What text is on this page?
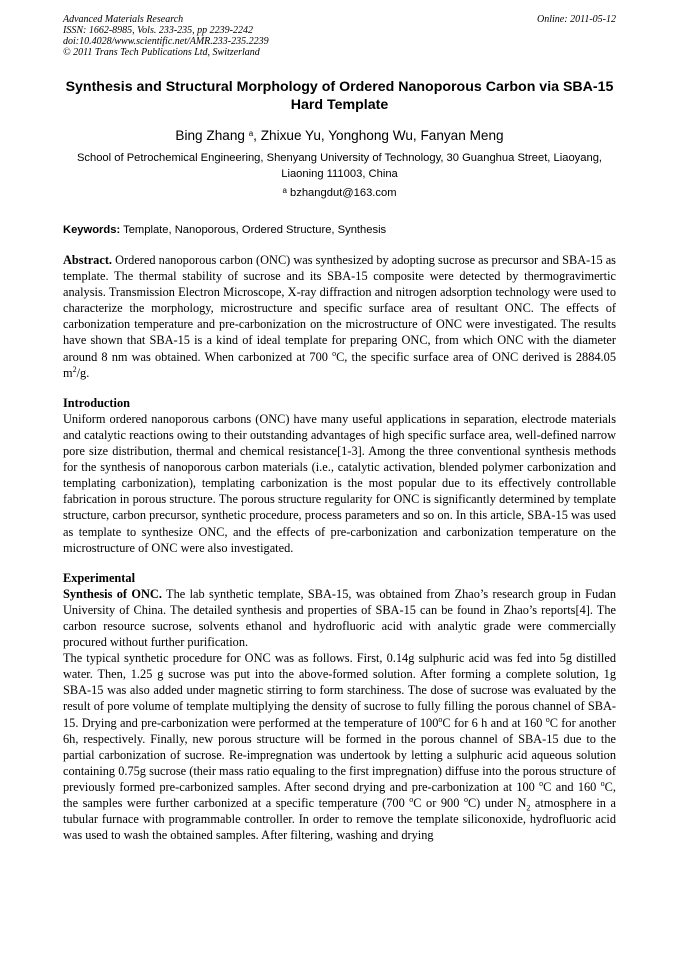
Advanced Materials Research
ISSN: 1662-8985, Vols. 233-235, pp 2239-2242
doi:10.4028/www.scientific.net/AMR.233-235.2239
© 2011 Trans Tech Publications Ltd, Switzerland
Online: 2011-05-12
Synthesis and Structural Morphology of Ordered Nanoporous Carbon via SBA-15 Hard Template
Bing Zhang $^a$, Zhixue Yu, Yonghong Wu, Fanyan Meng
School of Petrochemical Engineering, Shenyang University of Technology, 30 Guanghua Street, Liaoyang, Liaoning 111003, China
$^a$ bzhangdut@163.com
Keywords: Template, Nanoporous, Ordered Structure, Synthesis

Abstract. Ordered nanoporous carbon (ONC) was synthesized by adopting sucrose as precursor and SBA-15 as template. The thermal stability of sucrose and its SBA-15 composite were detected by thermogravimertic analysis. Transmission Electron Microscope, X-ray diffraction and nitrogen adsorption technology were used to characterize the morphology, microstructure and specific surface area of resultant ONC. The effects of carbonization temperature and pre-carbonization on the microstructure of ONC were investigated. The results have shown that SBA-15 is a kind of ideal template for preparing ONC, from which ONC with the diameter around 8 nm was obtained. When carbonized at 700 $^o$C, the specific surface area of ONC derived is 2884.05 $m^2/g$.

Introduction

Uniform ordered nanoporous carbons (ONC) have many useful applications in separation, electrode materials and catalytic reactions owing to their outstanding advantages of high specific surface area, well-defined narrow pore size distribution, thermal and chemical resistance[1-3]. Among the three conventional synthesis methods for the synthesis of nanoporous carbon materials (i.e., catalytic activation, blended polymer carbonization and templating carbonization), templating carbonization is the most popular due to its effectively controllable fabrication in porous structure. The porous structure regularity for ONC is significantly determined by template structure, carbon precursor, synthetic procedure, process parameters and so on. In this article, SBA-15 was used as template to synthesize ONC, and the effects of pre-carbonization and carbonization temperature on the microstructure of ONC were also investigated.

Experimental

Synthesis of ONC. The lab synthetic template, SBA-15, was obtained from Zhao’s research group in Fudan University of China. The detailed synthesis and properties of SBA-15 can be found in Zhao’s reports[4]. The carbon resource sucrose, solvents ethanol and hydrofluoric acid with analytic grade were commercially procured without further purification.

The typical synthetic procedure for ONC was as follows. First, 0.14g sulphuric acid was fed into 5g distilled water. Then, 1.25 g sucrose was put into the above-formed solution. After forming a complete solution, 1g SBA-15 was also added under magnetic stirring to form starchiness. The dose of sucrose was evaluated by the result of pore volume of template multiplying the density of sucrose to fully filling the porous channel of SBA-15. Drying and pre-carbonization were performed at the temperature of 100$^o$C for 6 h and at 160 $^o$C for another 6h, respectively. Finally, new porous structure will be formed in the porous channel of SBA-15 due to the partial carbonization of sucrose. Re-impregnation was undertook by letting a sulphuric acid aqueous solution containing 0.75g sucrose (their mass ratio equaling to the first impregnation) diffuse into the porous structure of previously formed pre-carbonized samples. After second drying and pre-carbonization at 100 $^o$C and 160 $^o$C, the samples were further carbonized at a specific temperature (700 $^o$C or 900 $^o$C) under $N_2$ atmosphere in a tubular furnace with programmable controller. In order to remove the template siliconoxide, hydrofluoric acid was used to wash the obtained samples. After filtering, washing and drying
